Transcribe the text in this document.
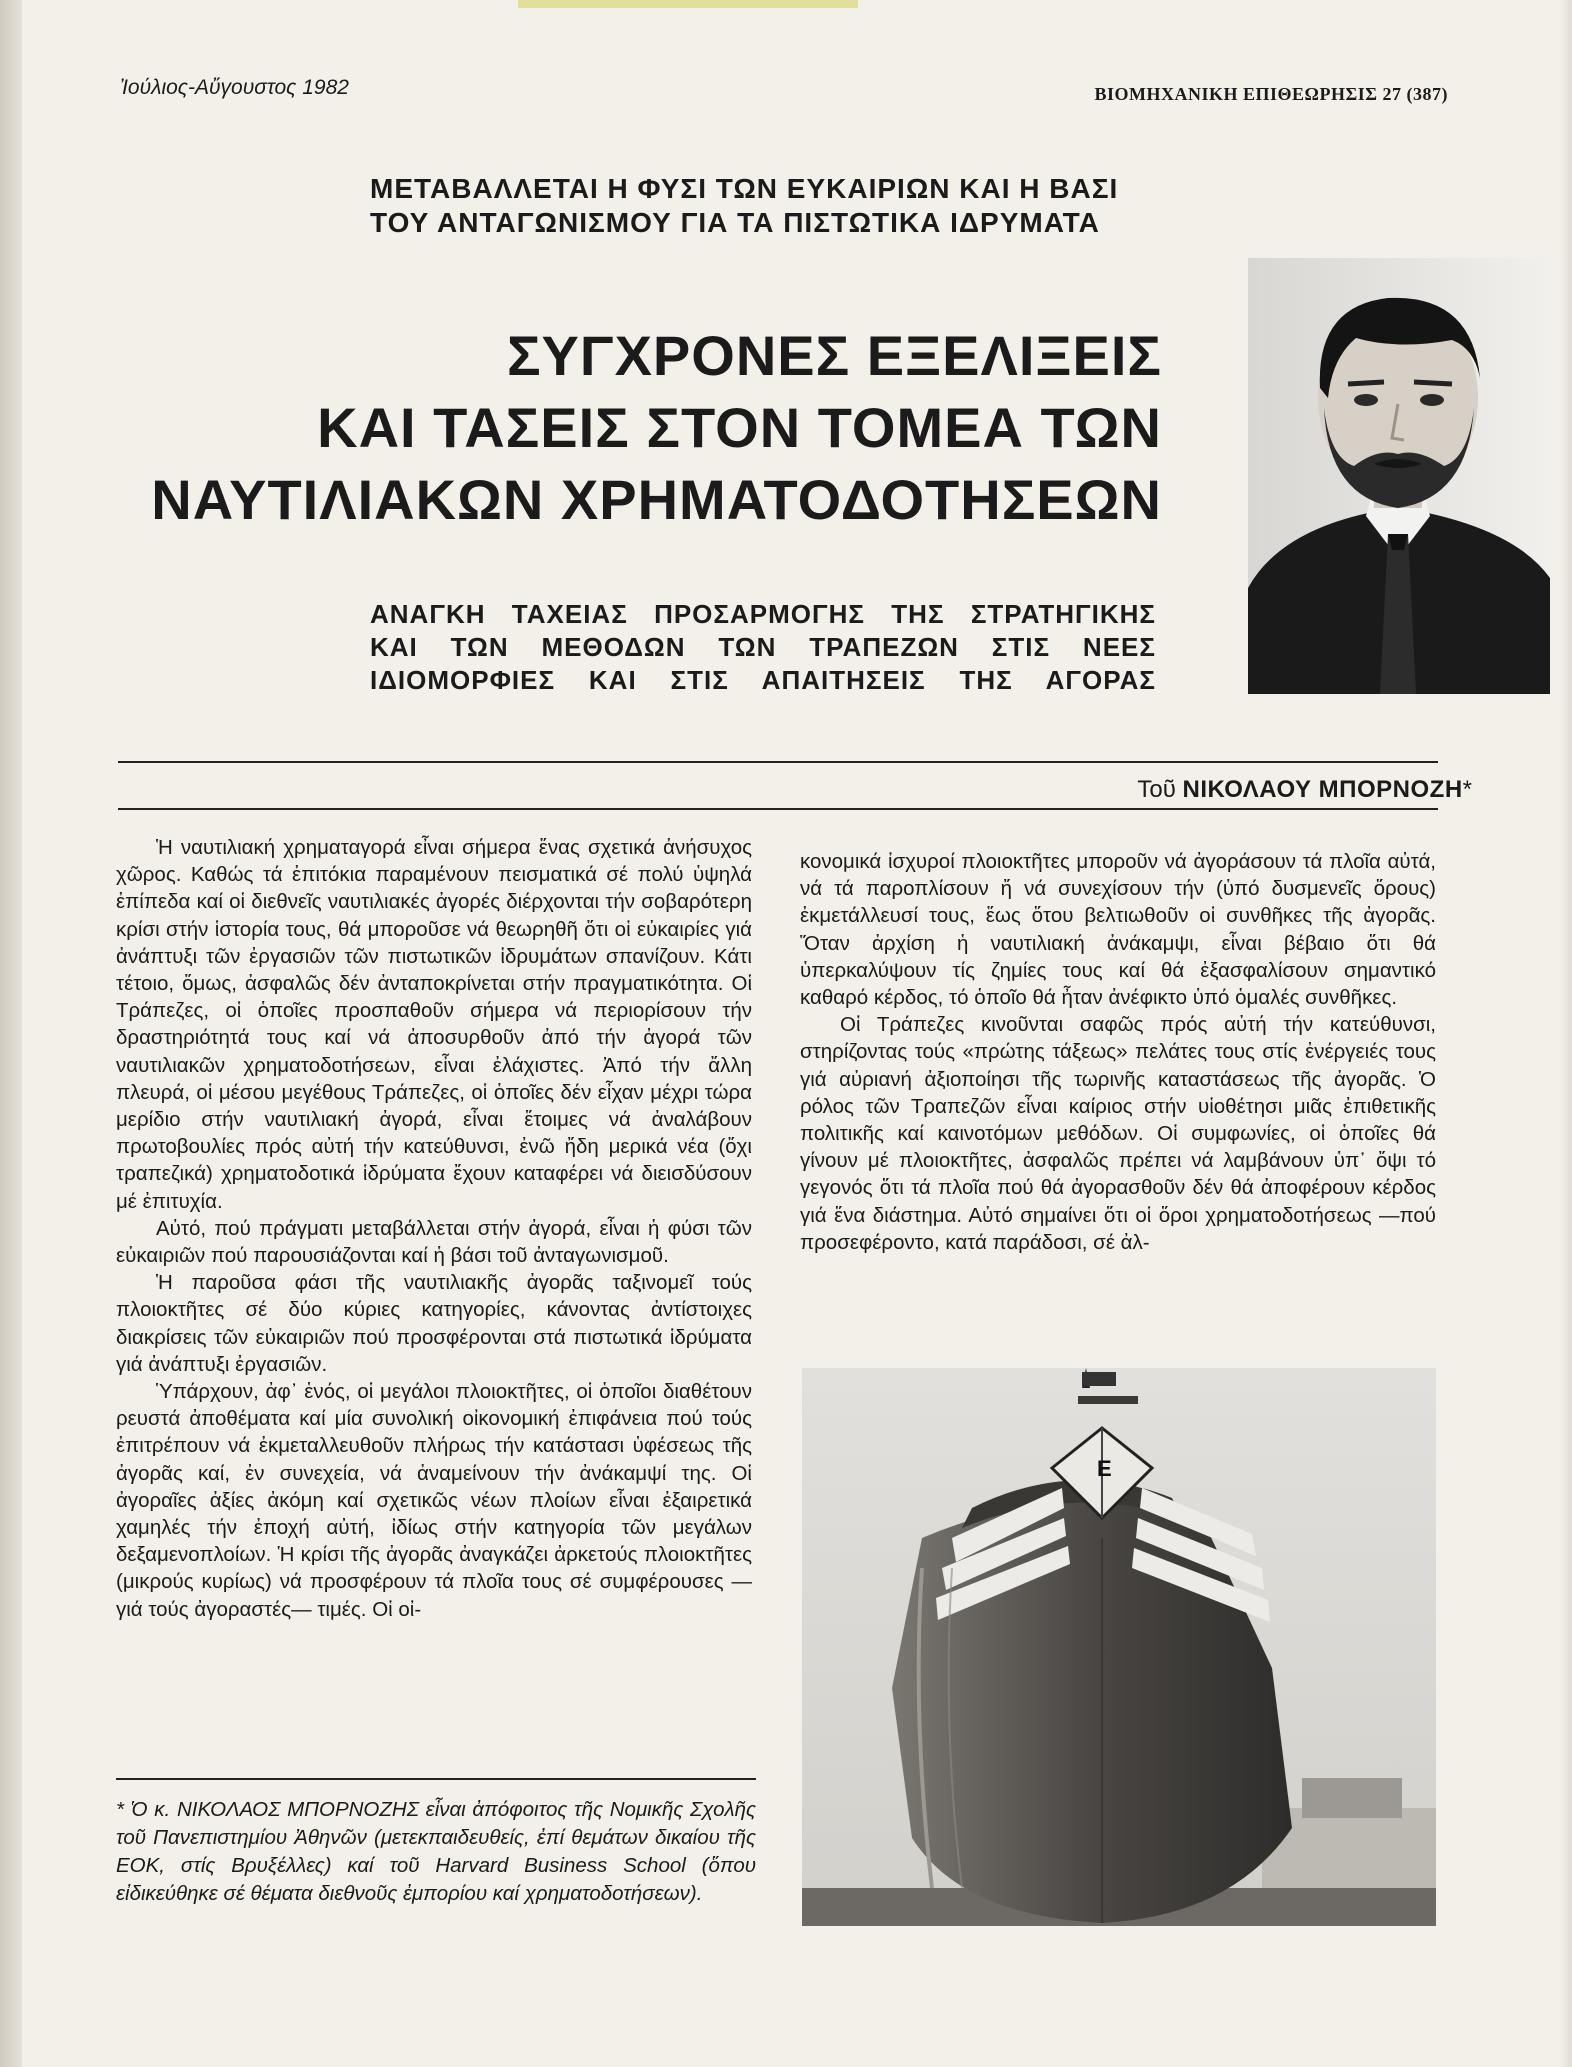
Ἰούλιος-Αὔγουστος 1982	ΒΙΟΜΗΧΑΝΙΚΗ ΕΠΙΘΕΩΡΗΣΙΣ 27 (387)
ΜΕΤΑΒΑΛΛΕΤΑΙ Η ΦΥΣΙ ΤΩΝ ΕΥΚΑΙΡΙΩΝ ΚΑΙ Η ΒΑΣΙ
ΤΟΥ ΑΝΤΑΓΩΝΙΣΜΟΥ ΓΙΑ ΤΑ ΠΙΣΤΩΤΙΚΑ ΙΔΡΥΜΑΤΑ
ΣΥΓΧΡΟΝΕΣ ΕΞΕΛΙΞΕΙΣ
ΚΑΙ ΤΑΣΕΙΣ ΣΤΟΝ ΤΟΜΕΑ ΤΩΝ
ΝΑΥΤΙΛΙΑΚΩΝ ΧΡΗΜΑΤΟΔΟΤΗΣΕΩΝ
ΑΝΑΓΚΗ ΤΑΧΕΙΑΣ ΠΡΟΣΑΡΜΟΓΗΣ ΤΗΣ ΣΤΡΑΤΗΓΙΚΗΣ
ΚΑΙ ΤΩΝ ΜΕΘΟΔΩΝ ΤΩΝ ΤΡΑΠΕΖΩΝ ΣΤΙΣ ΝΕΕΣ
ΙΔΙΟΜΟΡΦΙΕΣ ΚΑΙ ΣΤΙΣ ΑΠΑΙΤΗΣΕΙΣ ΤΗΣ ΑΓΟΡΑΣ
Τοῦ ΝΙΚΟΛΑΟΥ ΜΠΟΡΝΟΖΗ*

Ἡ ναυτιλιακή χρηματαγορά εἶναι σήμερα ἕνας σχετικά ἀνήσυχος χῶρος. Καθώς τά ἐπιτόκια παραμένουν πεισματικά σέ πολύ ὑψηλά ἐπίπεδα καί οἱ διεθνεῖς ναυτιλιακές ἀγορές διέρχονται τήν σοβαρότερη κρίσι στήν ἱστορία τους, θά μποροῦσε νά θεωρηθῆ ὅτι οἱ εὐκαιρίες γιά ἀνάπτυξι τῶν ἐργασιῶν τῶν πιστωτικῶν ἱδρυμάτων σπανίζουν. Κάτι τέτοιο, ὅμως, ἀσφαλῶς δέν ἀνταποκρίνεται στήν πραγματικότητα. Οἱ Τράπεζες, οἱ ὁποῖες προσπαθοῦν σήμερα νά περιορίσουν τήν δραστηριότητά τους καί νά ἀποσυρθοῦν ἀπό τήν ἀγορά τῶν ναυτιλιακῶν χρηματοδοτήσεων, εἶναι ἐλάχιστες. Ἀπό τήν ἄλλη πλευρά, οἱ μέσου μεγέθους Τράπεζες, οἱ ὁποῖες δέν εἶχαν μέχρι τώρα μερίδιο στήν ναυτιλιακή ἀγορά, εἶναι ἕτοιμες νά ἀναλάβουν πρωτοβουλίες πρός αὐτή τήν κατεύθυνσι, ἐνῶ ἤδη μερικά νέα (ὄχι τραπεζικά) χρηματοδοτικά ἱδρύματα ἔχουν καταφέρει νά διεισδύσουν μέ ἐπιτυχία.

Αὐτό, πού πράγματι μεταβάλλεται στήν ἀγορά, εἶναι ἡ φύσι τῶν εὐκαιριῶν πού παρουσιάζονται καί ἡ βάσι τοῦ ἀνταγωνισμοῦ.

Ἡ παροῦσα φάσι τῆς ναυτιλιακῆς ἀγορᾶς ταξινομεῖ τούς πλοιοκτῆτες σέ δύο κύριες κατηγορίες, κάνοντας ἀντίστοιχες διακρίσεις τῶν εὐκαιριῶν πού προσφέρονται στά πιστωτικά ἱδρύματα γιά ἀνάπτυξι ἐργασιῶν.

Ὑπάρχουν, ἀφ᾽ ἑνός, οἱ μεγάλοι πλοιοκτῆτες, οἱ ὁποῖοι διαθέτουν ρευστά ἀποθέματα καί μία συνολική οἰκονομική ἐπιφάνεια πού τούς ἐπιτρέπουν νά ἐκμεταλλευθοῦν πλήρως τήν κατάστασι ὑφέσεως τῆς ἀγορᾶς καί, ἐν συνεχεία, νά ἀναμείνουν τήν ἀνάκαμψί της. Οἱ ἀγοραῖες ἀξίες ἀκόμη καί σχετικῶς νέων πλοίων εἶναι ἐξαιρετικά χαμηλές τήν ἐποχή αὐτή, ἰδίως στήν κατηγορία τῶν μεγάλων δεξαμενοπλοίων. Ἡ κρίσι τῆς ἀγορᾶς ἀναγκάζει ἀρκετούς πλοιοκτῆτες (μικρούς κυρίως) νά προσφέρουν τά πλοῖα τους σέ συμφέρουσες —γιά τούς ἀγοραστές— τιμές. Οἱ οἰ-

κονομικά ἰσχυροί πλοιοκτῆτες μποροῦν νά ἀγοράσουν τά πλοῖα αὐτά, νά τά παροπλίσουν ἤ νά συνεχίσουν τήν (ὑπό δυσμενεῖς ὅρους) ἐκμετάλλευσί τους, ἕως ὅτου βελτιωθοῦν οἱ συνθῆκες τῆς ἀγορᾶς. Ὅταν ἀρχίση ἡ ναυτιλιακή ἀνάκαμψι, εἶναι βέβαιο ὅτι θά ὑπερκαλύψουν τίς ζημίες τους καί θά ἐξασφαλίσουν σημαντικό καθαρό κέρδος, τό ὁποῖο θά ἦταν ἀνέφικτο ὑπό ὁμαλές συνθῆκες.

Οἱ Τράπεζες κινοῦνται σαφῶς πρός αὐτή τήν κατεύθυνσι, στηρίζοντας τούς «πρώτης τάξεως» πελάτες τους στίς ἐνέργειές τους γιά αὐριανή ἀξιοποίησι τῆς τωρινῆς καταστάσεως τῆς ἀγορᾶς. Ὁ ρόλος τῶν Τραπεζῶν εἶναι καίριος στήν υἱοθέτησι μιᾶς ἐπιθετικῆς πολιτικῆς καί καινοτόμων μεθόδων. Οἱ συμφωνίες, οἱ ὁποῖες θά γίνουν μέ πλοιοκτῆτες, ἀσφαλῶς πρέπει νά λαμβάνουν ὑπ᾽ ὄψι τό γεγονός ὅτι τά πλοῖα πού θά ἀγορασθοῦν δέν θά ἀποφέρουν κέρδος γιά ἕνα διάστημα. Αὐτό σημαίνει ὅτι οἱ ὅροι χρηματοδοτήσεως —πού προσεφέροντο, κατά παράδοσι, σέ ἀλ-

* Ὁ κ. ΝΙΚΟΛΑΟΣ ΜΠΟΡΝΟΖΗΣ εἶναι ἀπόφοιτος τῆς Νομικῆς Σχολῆς τοῦ Πανεπιστημίου Ἀθηνῶν (μετεκπαιδευθείς, ἐπί θεμάτων δικαίου τῆς ΕΟΚ, στίς Βρυξέλλες) καί τοῦ Harvard Business School (ὅπου εἰδικεύθηκε σέ θέματα διεθνοῦς ἐμπορίου καί χρηματοδοτήσεων).
Ε
